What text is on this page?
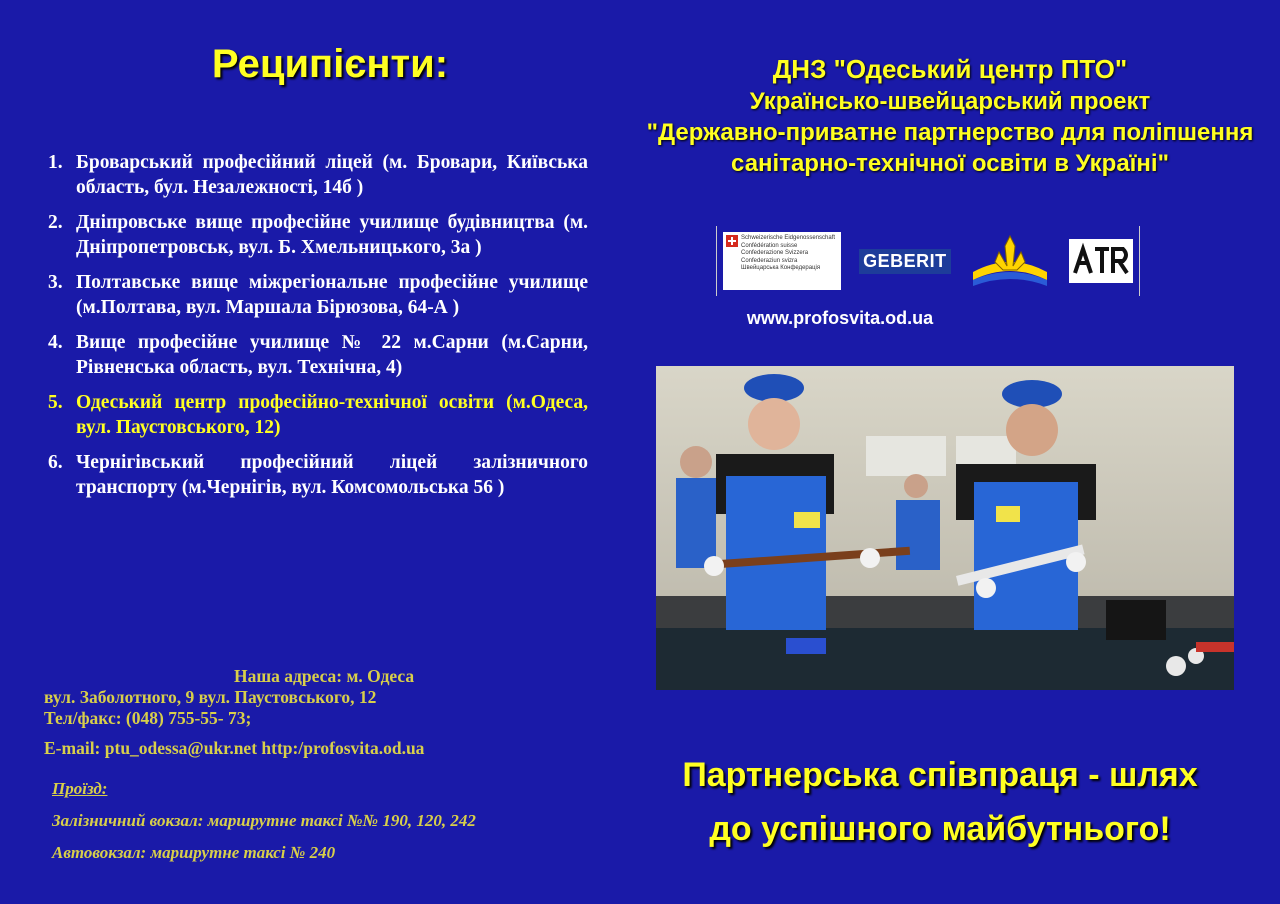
Реципієнти:
1. Броварський професійний ліцей (м. Бровари, Київська область, бул. Незалежності, 14б )
2. Дніпровське вище професійне училище будівництва (м. Дніпропетровськ, вул. Б. Хмельницького, 3а )
3. Полтавське вище міжрегіональне професійне училище (м.Полтава, вул. Маршала Бірюзова, 64-А )
4. Вище професійне училище № 22 м.Сарни (м.Сарни, Рівненська область, вул. Технічна, 4)
5. Одеський центр професійно-технічної освіти (м.Одеса, вул. Паустовського, 12)
6. Чернігівський професійний ліцей залізничного транспорту (м.Чернігів, вул. Комсомольська 56 )
Наша адреса: м. Одеса
вул. Заболотного, 9 вул. Паустовського, 12
Тел/факс: (048) 755-55- 73;
E-mail: ptu_odessa@ukr.net http:/profosvita.od.ua
Проїзд:
Залізничний вокзал: маршрутне таксі №№ 190, 120, 242
Автовокзал: маршрутне таксі № 240
ДНЗ "Одеський центр ПТО"
Українсько-швейцарський проект
"Державно-приватне партнерство для поліпшення
санітарно-технічної освіти в Україні"
Schweizerische Eidgenossenschaft
Confédération suisse
Confederazione Svizzera
Confederaziun svizra
Швейцарська Конфедерація	GEBERIT
www.profosvita.od.ua
Партнерська співпраця - шлях
до успішного майбутнього!
